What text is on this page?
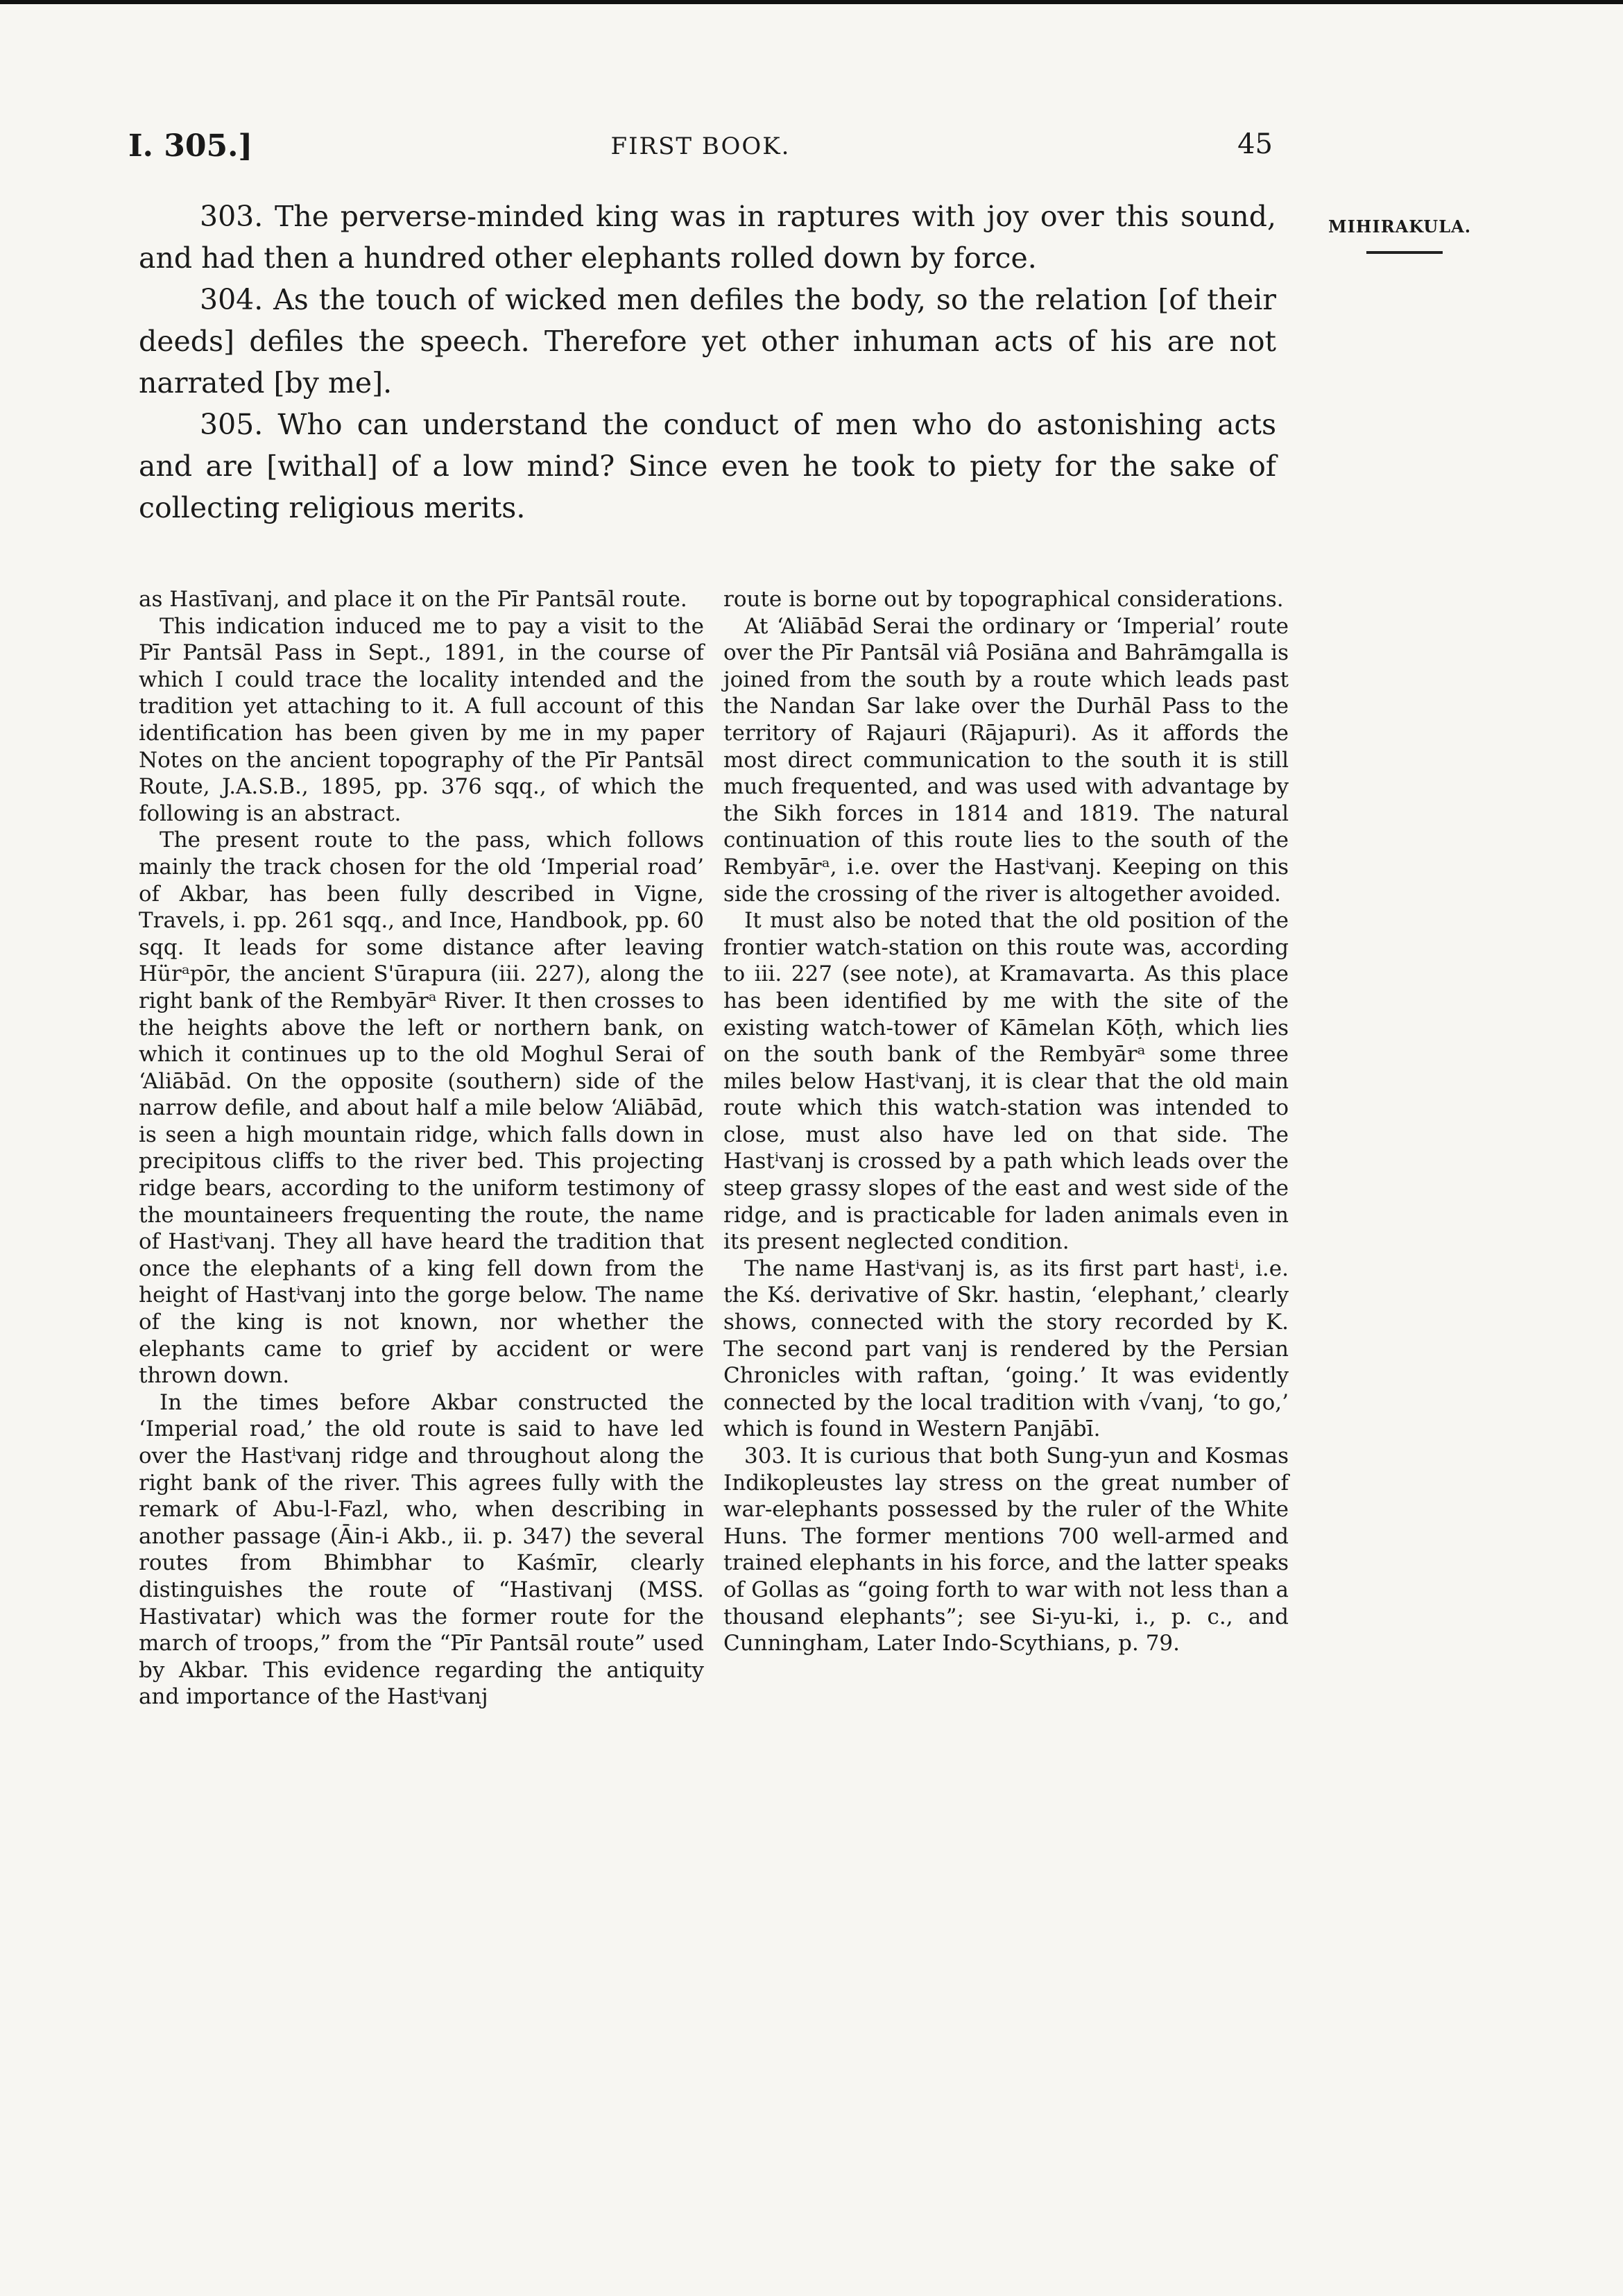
I. 305.]	FIRST BOOK.	45
MIHIRAKULA.

303. The perverse-minded king was in raptures with joy over this sound, and had then a hundred other elephants rolled down by force.

304. As the touch of wicked men defiles the body, so the relation [of their deeds] defiles the speech. Therefore yet other inhuman acts of his are not narrated [by me].

305. Who can understand the conduct of men who do astonishing acts and are [withal] of a low mind? Since even he took to piety for the sake of collecting religious merits.

as Hastīvanj, and place it on the Pīr Pantsāl route.

This indication induced me to pay a visit to the Pīr Pantsāl Pass in Sept., 1891, in the course of which I could trace the locality intended and the tradition yet attaching to it. A full account of this identification has been given by me in my paper Notes on the ancient topography of the Pīr Pantsāl Route, J.A.S.B., 1895, pp. 376 sqq., of which the following is an abstract.

The present route to the pass, which follows mainly the track chosen for the old ‘Imperial road’ of Akbar, has been fully described in Vigne, Travels, i. pp. 261 sqq., and Ince, Handbook, pp. 60 sqq. It leads for some distance after leaving Hürᵃpōr, the ancient S'ūrapura (iii. 227), along the right bank of the Rembyārᵃ River. It then crosses to the heights above the left or northern bank, on which it continues up to the old Moghul Serai of ‘Aliābād. On the opposite (southern) side of the narrow defile, and about half a mile below ‘Aliābād, is seen a high mountain ridge, which falls down in precipitous cliffs to the river bed. This projecting ridge bears, according to the uniform testimony of the mountaineers frequenting the route, the name of Hastⁱvanj. They all have heard the tradition that once the elephants of a king fell down from the height of Hastⁱvanj into the gorge below. The name of the king is not known, nor whether the elephants came to grief by accident or were thrown down.

In the times before Akbar constructed the ‘Imperial road,’ the old route is said to have led over the Hastⁱvanj ridge and throughout along the right bank of the river. This agrees fully with the remark of Abu-l-Fazl, who, when describing in another passage (Āin-i Akb., ii. p. 347) the several routes from Bhimbhar to Kaśmīr, clearly distinguishes the route of “Hastivanj (MSS. Hastivatar) which was the former route for the march of troops,” from the “Pīr Pantsāl route” used by Akbar. This evidence regarding the antiquity and importance of the Hastⁱvanj

route is borne out by topographical considerations.

At ‘Aliābād Serai the ordinary or ‘Imperial’ route over the Pīr Pantsāl viâ Posiāna and Bahrāmgalla is joined from the south by a route which leads past the Nandan Sar lake over the Durhāl Pass to the territory of Rajauri (Rājapuri). As it affords the most direct communication to the south it is still much frequented, and was used with advantage by the Sikh forces in 1814 and 1819. The natural continuation of this route lies to the south of the Rembyārᵃ, i.e. over the Hastⁱvanj. Keeping on this side the crossing of the river is altogether avoided.

It must also be noted that the old position of the frontier watch-station on this route was, according to iii. 227 (see note), at Kramavarta. As this place has been identified by me with the site of the existing watch-tower of Kāmelan Kōṭh, which lies on the south bank of the Rembyārᵃ some three miles below Hastⁱvanj, it is clear that the old main route which this watch-station was intended to close, must also have led on that side. The Hastⁱvanj is crossed by a path which leads over the steep grassy slopes of the east and west side of the ridge, and is practicable for laden animals even in its present neglected condition.

The name Hastⁱvanj is, as its first part hastⁱ, i.e. the Kś. derivative of Skr. hastin, ‘elephant,’ clearly shows, connected with the story recorded by K. The second part vanj is rendered by the Persian Chronicles with raftan, ‘going.’ It was evidently connected by the local tradition with √vanj, ‘to go,’ which is found in Western Panjābī.

303. It is curious that both Sung-yun and Kosmas Indikopleustes lay stress on the great number of war-elephants possessed by the ruler of the White Huns. The former mentions 700 well-armed and trained elephants in his force, and the latter speaks of Gollas as “going forth to war with not less than a thousand elephants”; see Si-yu-ki, i., p. c., and Cunningham, Later Indo-Scythians, p. 79.
